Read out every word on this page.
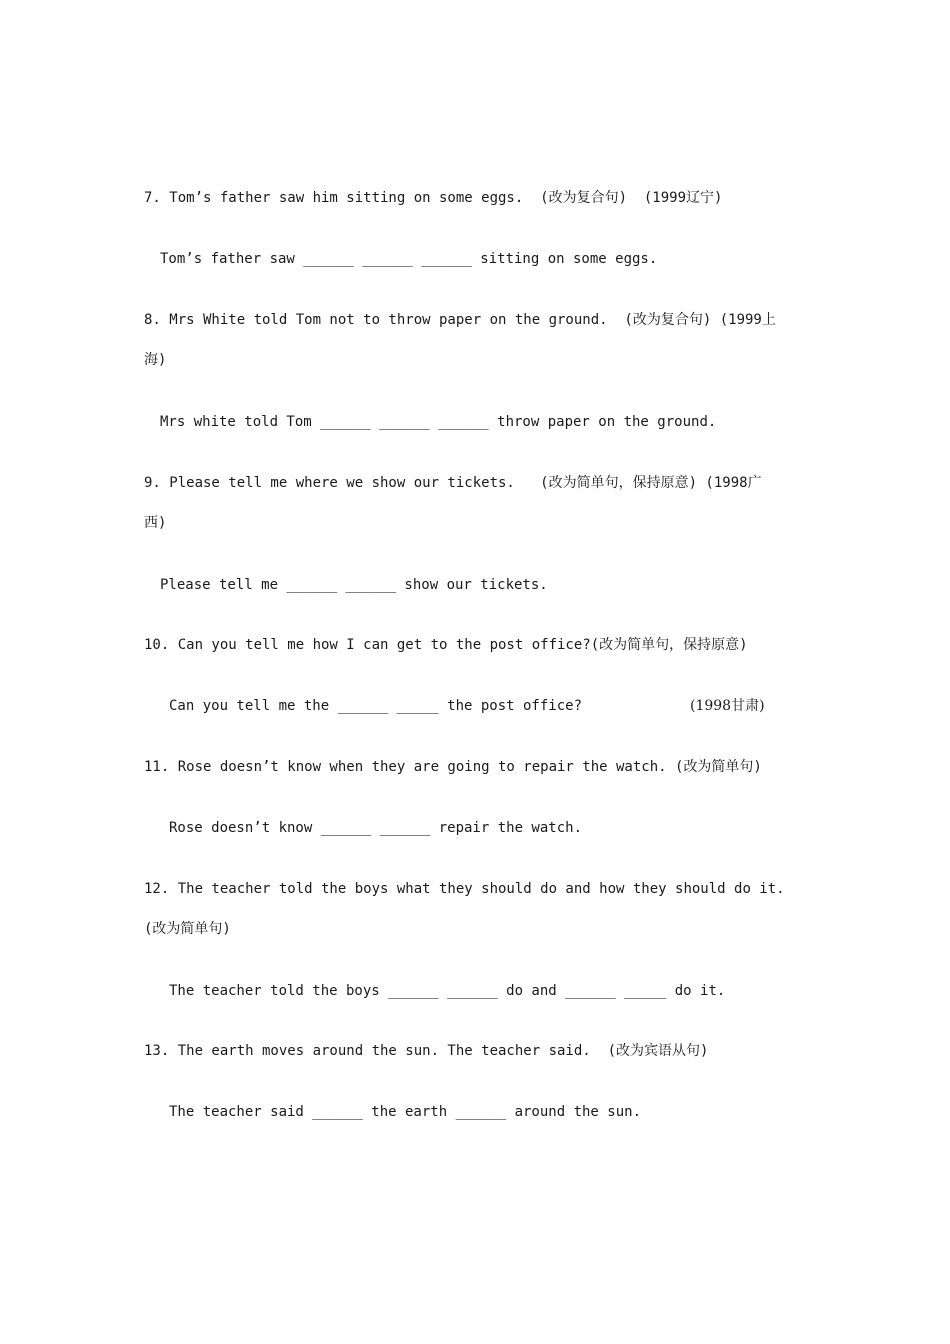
7. Tom’s father saw him sitting on some eggs.  (改为复合句)  (1999辽宁)
Tom’s father saw ______ ______ ______ sitting on some eggs.
8. Mrs White told Tom not to throw paper on the ground.  (改为复合句) (1999上
海)
Mrs white told Tom ______ ______ ______ throw paper on the ground.
9. Please tell me where we show our tickets.   (改为简单句，保持原意) (1998广
西)
Please tell me ______ ______ show our tickets.
10. Can you tell me how I can get to the post office?(改为简单句，保持原意)
Can you tell me the ______ _____ the post office?	(1998甘肃)
11. Rose doesn’t know when they are going to repair the watch. (改为简单句)
Rose doesn’t know ______ ______ repair the watch.
12. The teacher told the boys what they should do and how they should do it.
(改为简单句)
The teacher told the boys ______ ______ do and ______ _____ do it.
13. The earth moves around the sun. The teacher said.  (改为宾语从句)
The teacher said ______ the earth ______ around the sun.
